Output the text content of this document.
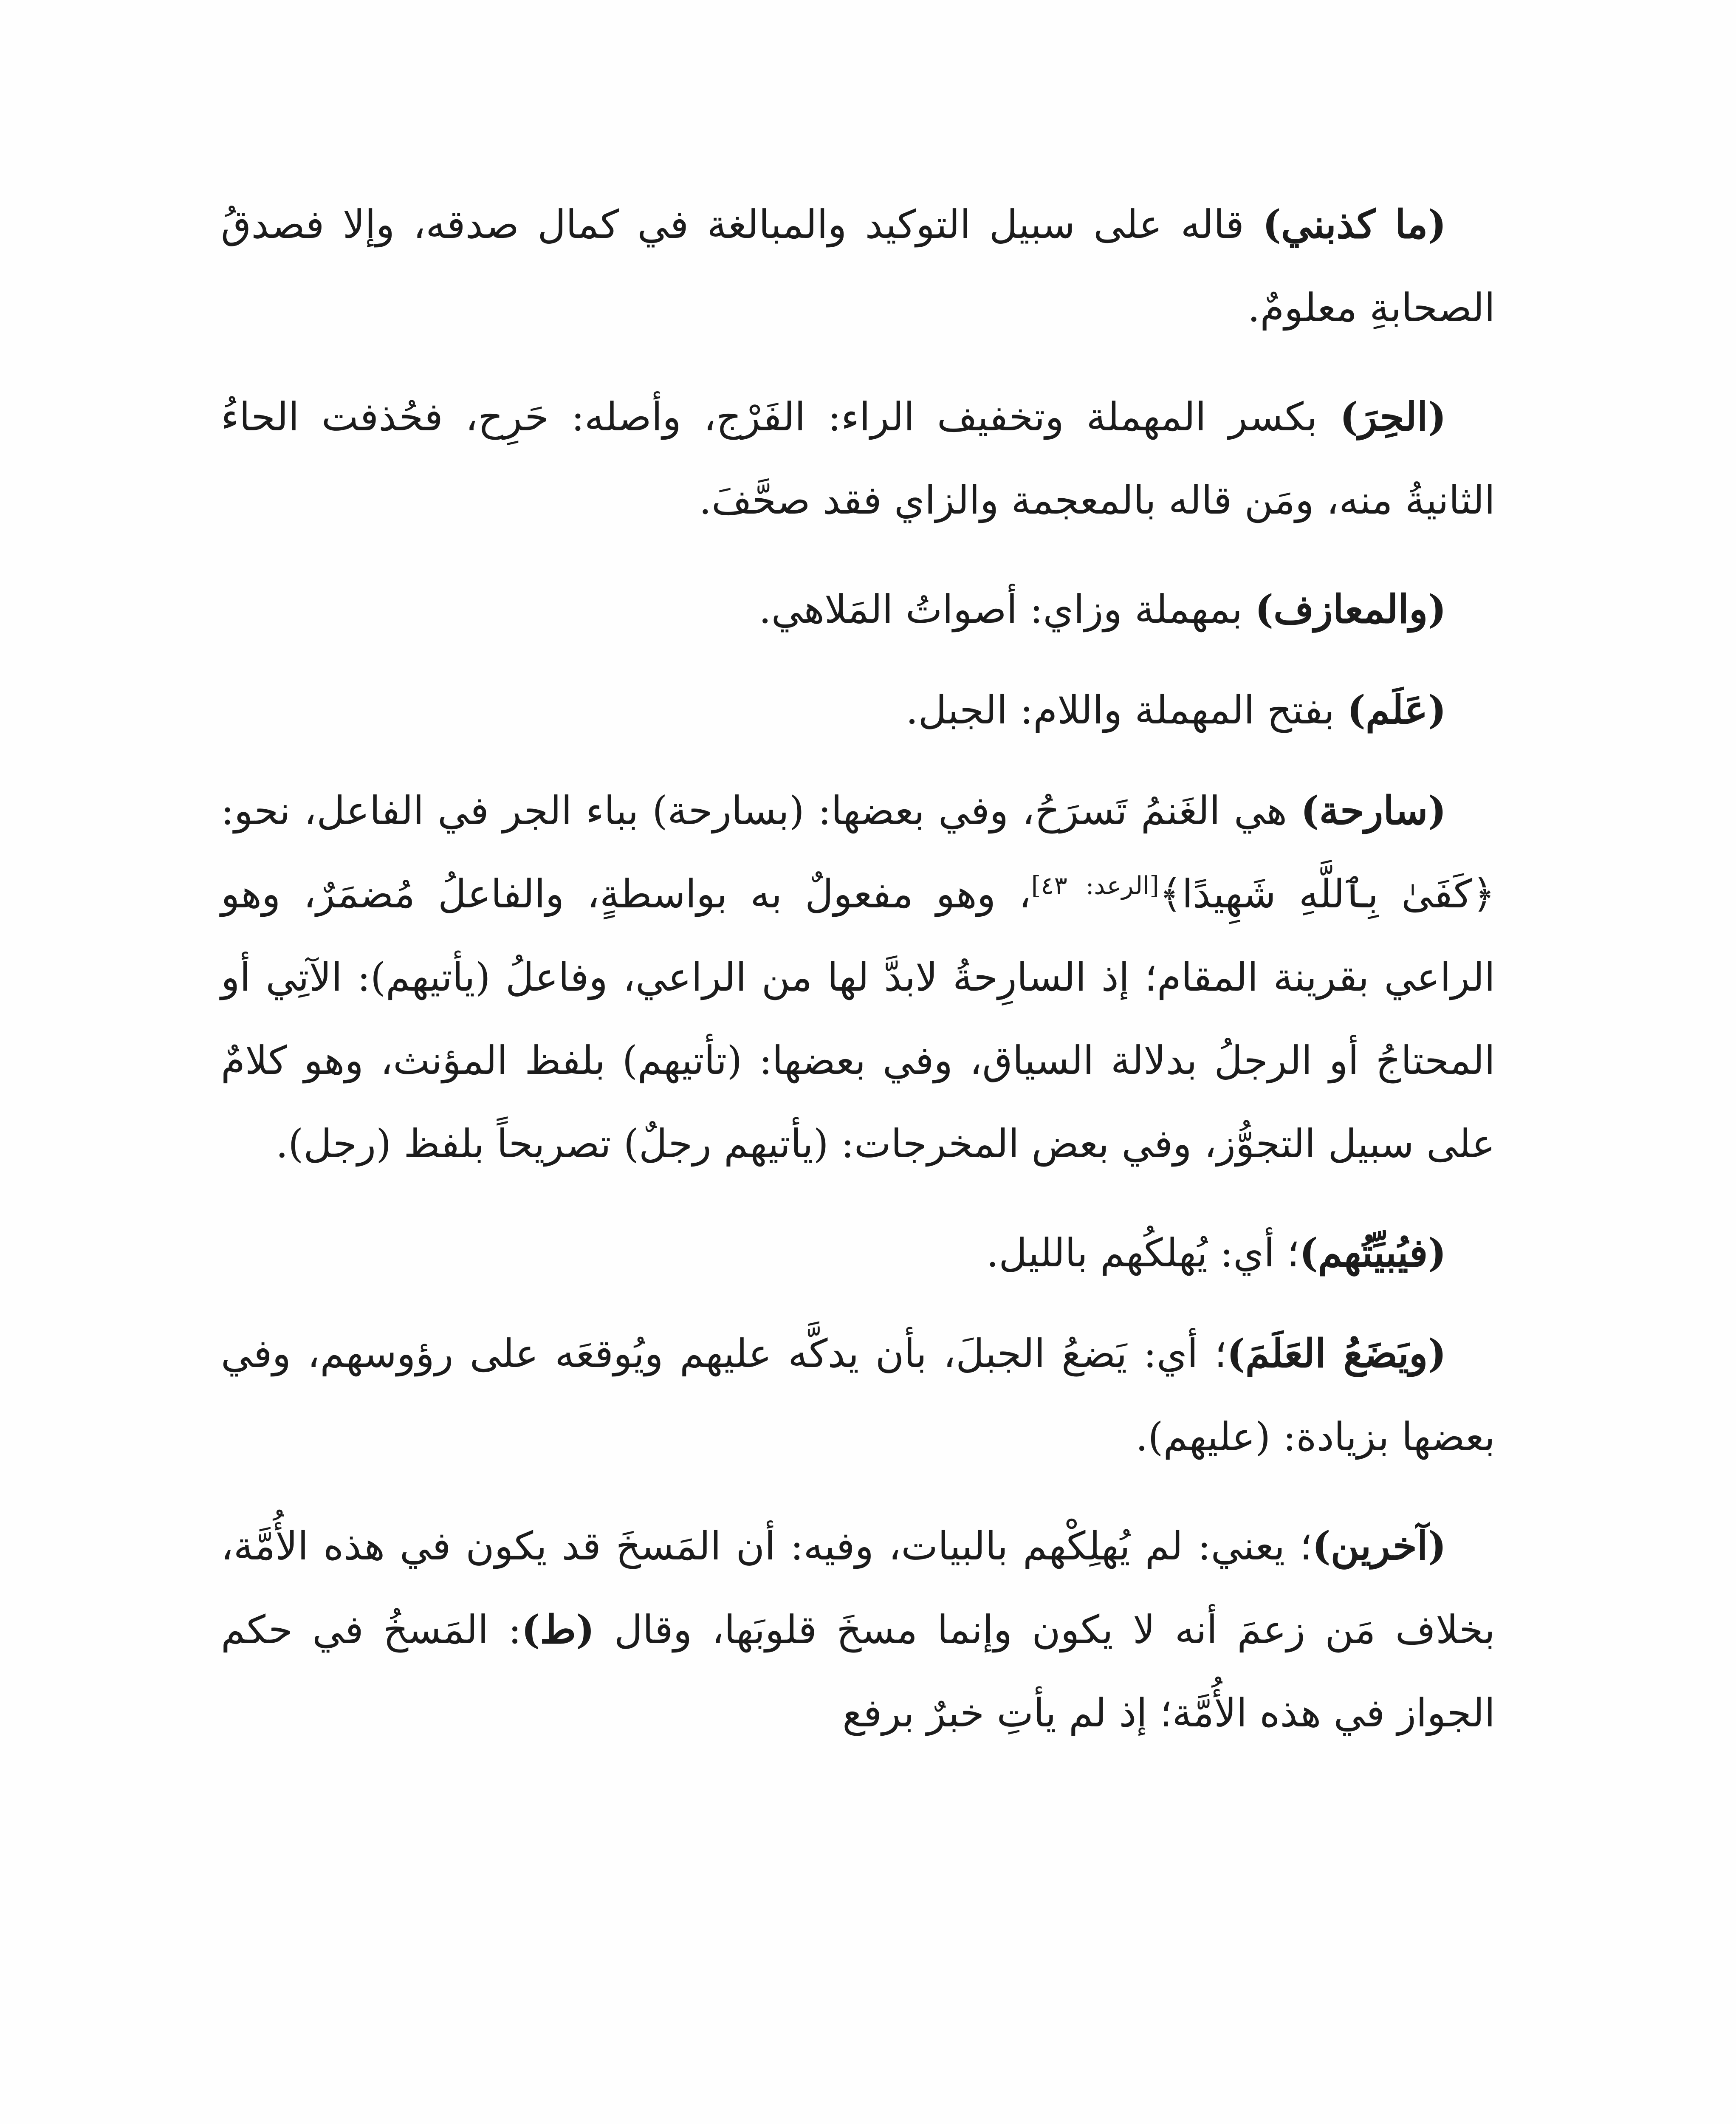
(ما كذبني) قاله على سبيل التوكيد والمبالغة في كمال صدقه، وإلا فصدقُ الصحابةِ معلومٌ.

(الحِرَ) بكسر المهملة وتخفيف الراء: الفَرْج، وأصله: حَرِح، فحُذفت الحاءُ الثانيةُ منه، ومَن قاله بالمعجمة والزاي فقد صحَّفَ.

(والمعازف) بمهملة وزاي: أصواتُ المَلاهي.

(عَلَم) بفتح المهملة واللام: الجبل.

(سارحة) هي الغَنمُ تَسرَحُ، وفي بعضها: (بسارحة) بباء الجر في الفاعل، نحو: ﴿كَفَىٰ بِٱللَّهِ شَهِيدًا﴾[الرعد: ٤٣]، وهو مفعولٌ به بواسطةٍ، والفاعلُ مُضمَرٌ، وهو الراعي بقرينة المقام؛ إذ السارِحةُ لابدَّ لها من الراعي، وفاعلُ (يأتيهم): الآتِي أو المحتاجُ أو الرجلُ بدلالة السياق، وفي بعضها: (تأتيهم) بلفظ المؤنث، وهو كلامٌ على سبيل التجوُّز، وفي بعض المخرجات: (يأتيهم رجلٌ) تصريحاً بلفظ (رجل).

(فيُبيِّتُهم)؛ أي: يُهلكُهم بالليل.

(ويَضَعُ العَلَمَ)؛ أي: يَضعُ الجبلَ، بأن يدكَّه عليهم ويُوقعَه على رؤوسهم، وفي بعضها بزيادة: (عليهم).

(آخرين)؛ يعني: لم يُهلِكْهم بالبيات، وفيه: أن المَسخَ قد يكون في هذه الأُمَّة، بخلاف مَن زعمَ أنه لا يكون وإنما مسخَ قلوبَها، وقال (ط): المَسخُ في حكم الجواز في هذه الأُمَّة؛ إذ لم يأتِ خبرٌ برفع
